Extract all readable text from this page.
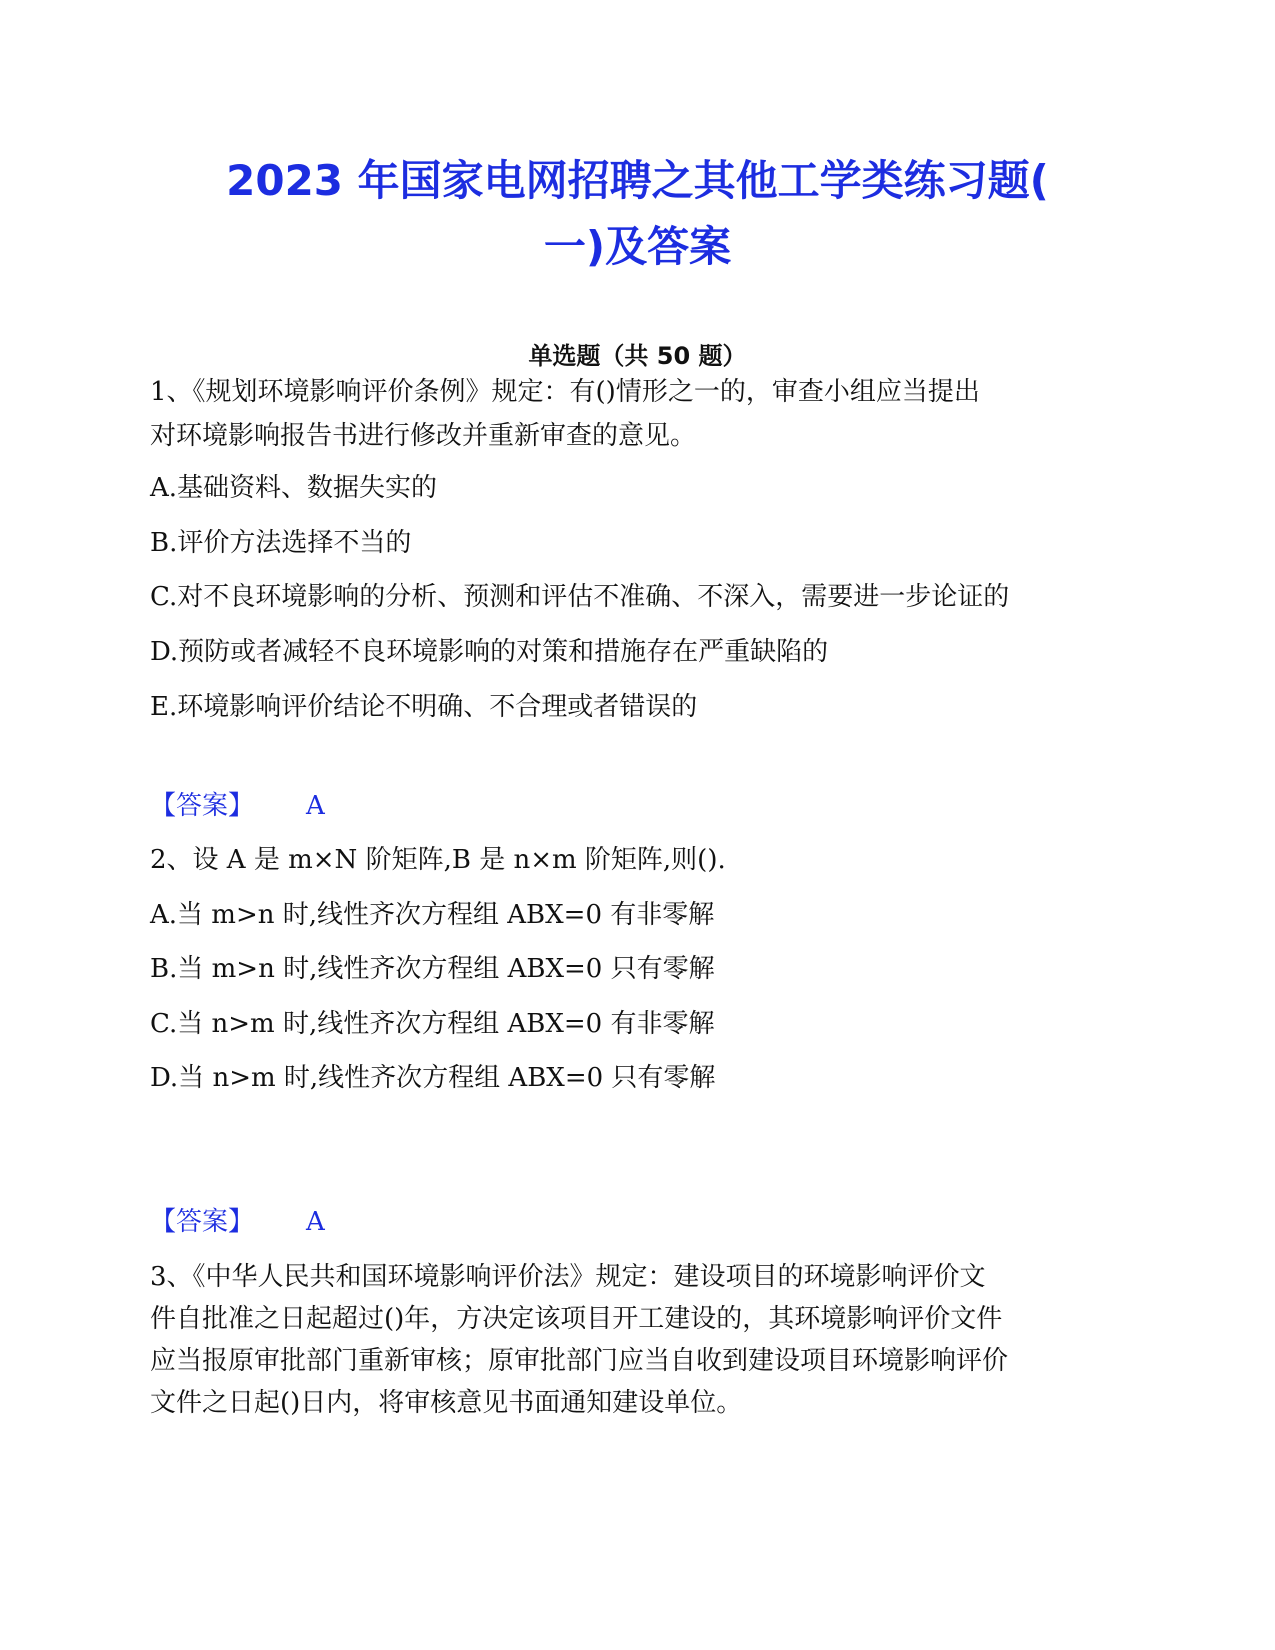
2023 年国家电网招聘之其他工学类练习题(
一)及答案
单选题（共 50 题）
1、《规划环境影响评价条例》规定：有()情形之一的，审查小组应当提出
对环境影响报告书进行修改并重新审查的意见。
A.基础资料、数据失实的
B.评价方法选择不当的
C.对不良环境影响的分析、预测和评估不准确、不深入，需要进一步论证的
D.预防或者减轻不良环境影响的对策和措施存在严重缺陷的
E.环境影响评价结论不明确、不合理或者错误的
【答案】 A
2、设 A 是 m×N 阶矩阵,B 是 n×m 阶矩阵,则().
A.当 m>n 时,线性齐次方程组 ABX=0 有非零解
B.当 m>n 时,线性齐次方程组 ABX=0 只有零解
C.当 n>m 时,线性齐次方程组 ABX=0 有非零解
D.当 n>m 时,线性齐次方程组 ABX=0 只有零解
【答案】 A
3、《中华人民共和国环境影响评价法》规定：建设项目的环境影响评价文
件自批准之日起超过()年，方决定该项目开工建设的，其环境影响评价文件
应当报原审批部门重新审核；原审批部门应当自收到建设项目环境影响评价
文件之日起()日内，将审核意见书面通知建设单位。
